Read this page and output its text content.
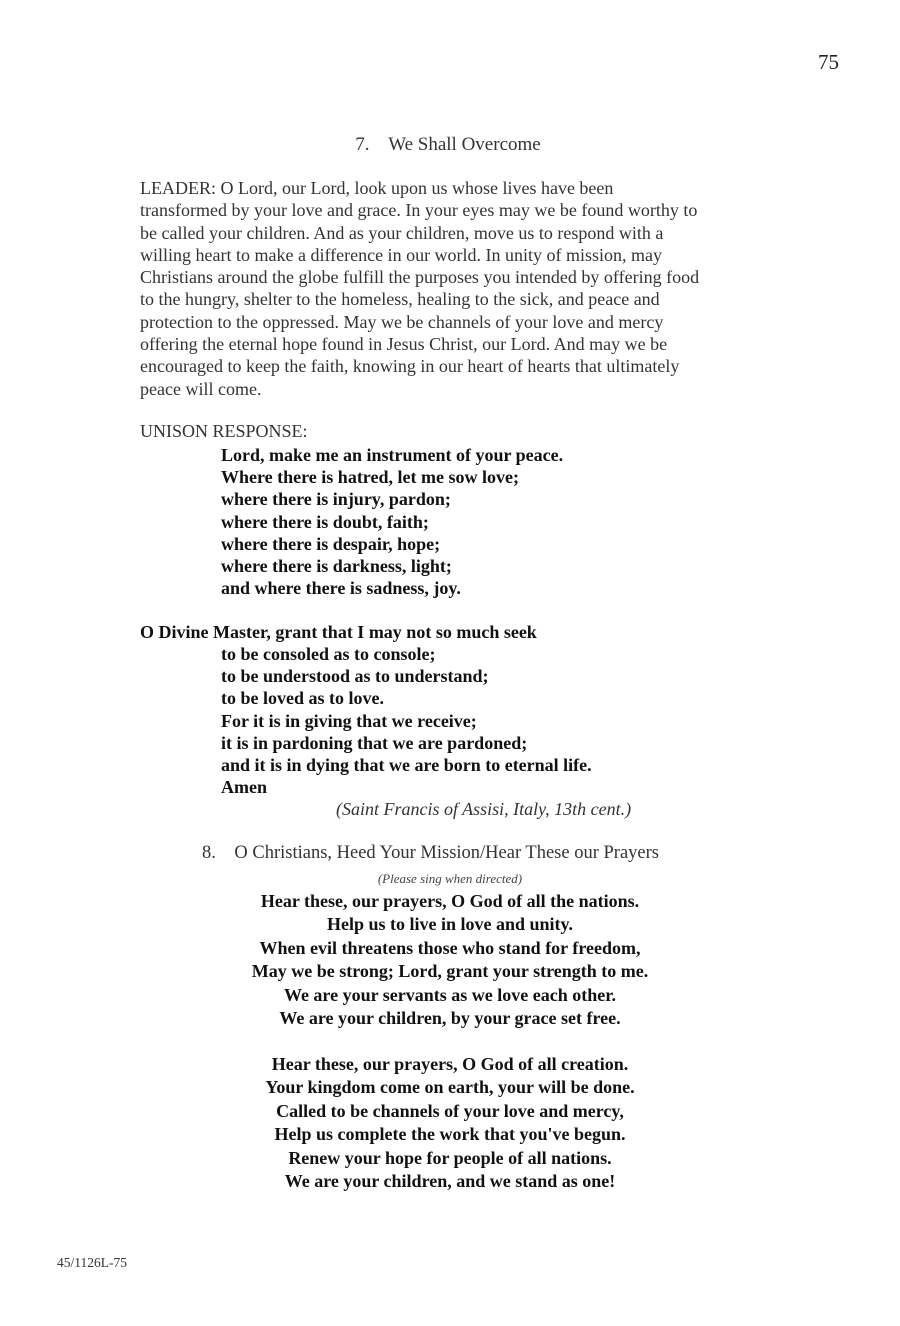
75
7.    We Shall Overcome
LEADER: O Lord, our Lord, look upon us whose lives have been
transformed by your love and grace. In your eyes may we be found worthy to
be called your children. And as your children, move us to respond with a
willing heart to make a difference in our world. In unity of mission, may
Christians around the globe fulfill the purposes you intended by offering food
to the hungry, shelter to the homeless, healing to the sick, and peace and
protection to the oppressed. May we be channels of your love and mercy
offering the eternal hope found in Jesus Christ, our Lord. And may we be
encouraged to keep the faith, knowing in our heart of hearts that ultimately
peace will come.
UNISON RESPONSE:
Lord, make me an instrument of your peace.
Where there is hatred, let me sow love;
where there is injury, pardon;
where there is doubt, faith;
where there is despair, hope;
where there is darkness, light;
and where there is sadness, joy.
O Divine Master, grant that I may not so much seek
to be consoled as to console;
to be understood as to understand;
to be loved as to love.
For it is in giving that we receive;
it is in pardoning that we are pardoned;
and it is in dying that we are born to eternal life.
Amen
(Saint Francis of Assisi, Italy, 13th cent.)
8.    O Christians, Heed Your Mission/Hear These our Prayers
(Please sing when directed)
Hear these, our prayers, O God of all the nations.
Help us to live in love and unity.
When evil threatens those who stand for freedom,
May we be strong; Lord, grant your strength to me.
We are your servants as we love each other.
We are your children, by your grace set free.
Hear these, our prayers, O God of all creation.
Your kingdom come on earth, your will be done.
Called to be channels of your love and mercy,
Help us complete the work that you've begun.
Renew your hope for people of all nations.
We are your children, and we stand as one!
45/1126L-75
